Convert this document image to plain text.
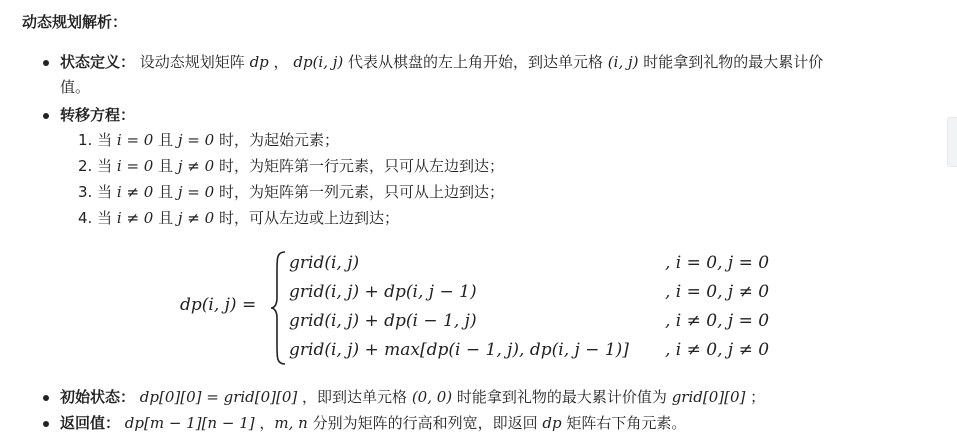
动态规划解析：
状态定义： 设动态规划矩阵 dp ， dp(i, j) 代表从棋盘的左上角开始，到达单元格 (i, j) 时能拿到礼物的最大累计价
值。
转移方程：
1. 当 i = 0 且 j = 0 时，为起始元素；
2. 当 i = 0 且 j ≠ 0 时，为矩阵第一行元素，只可从左边到达；
3. 当 i ≠ 0 且 j = 0 时，为矩阵第一列元素，只可从上边到达；
4. 当 i ≠ 0 且 j ≠ 0 时，可从左边或上边到达；
dp(i, j) =
grid(i, j)	, i = 0, j = 0
grid(i, j) + dp(i, j − 1)	, i = 0, j ≠ 0
grid(i, j) + dp(i − 1, j)	, i ≠ 0, j = 0
grid(i, j) + max[dp(i − 1, j), dp(i, j − 1)] , i ≠ 0, j ≠ 0
初始状态： dp[0][0] = grid[0][0] ，即到达单元格 (0, 0) 时能拿到礼物的最大累计价值为 grid[0][0] ；
返回值： dp[m − 1][n − 1] ，m, n 分别为矩阵的行高和列宽，即返回 dp 矩阵右下角元素。
